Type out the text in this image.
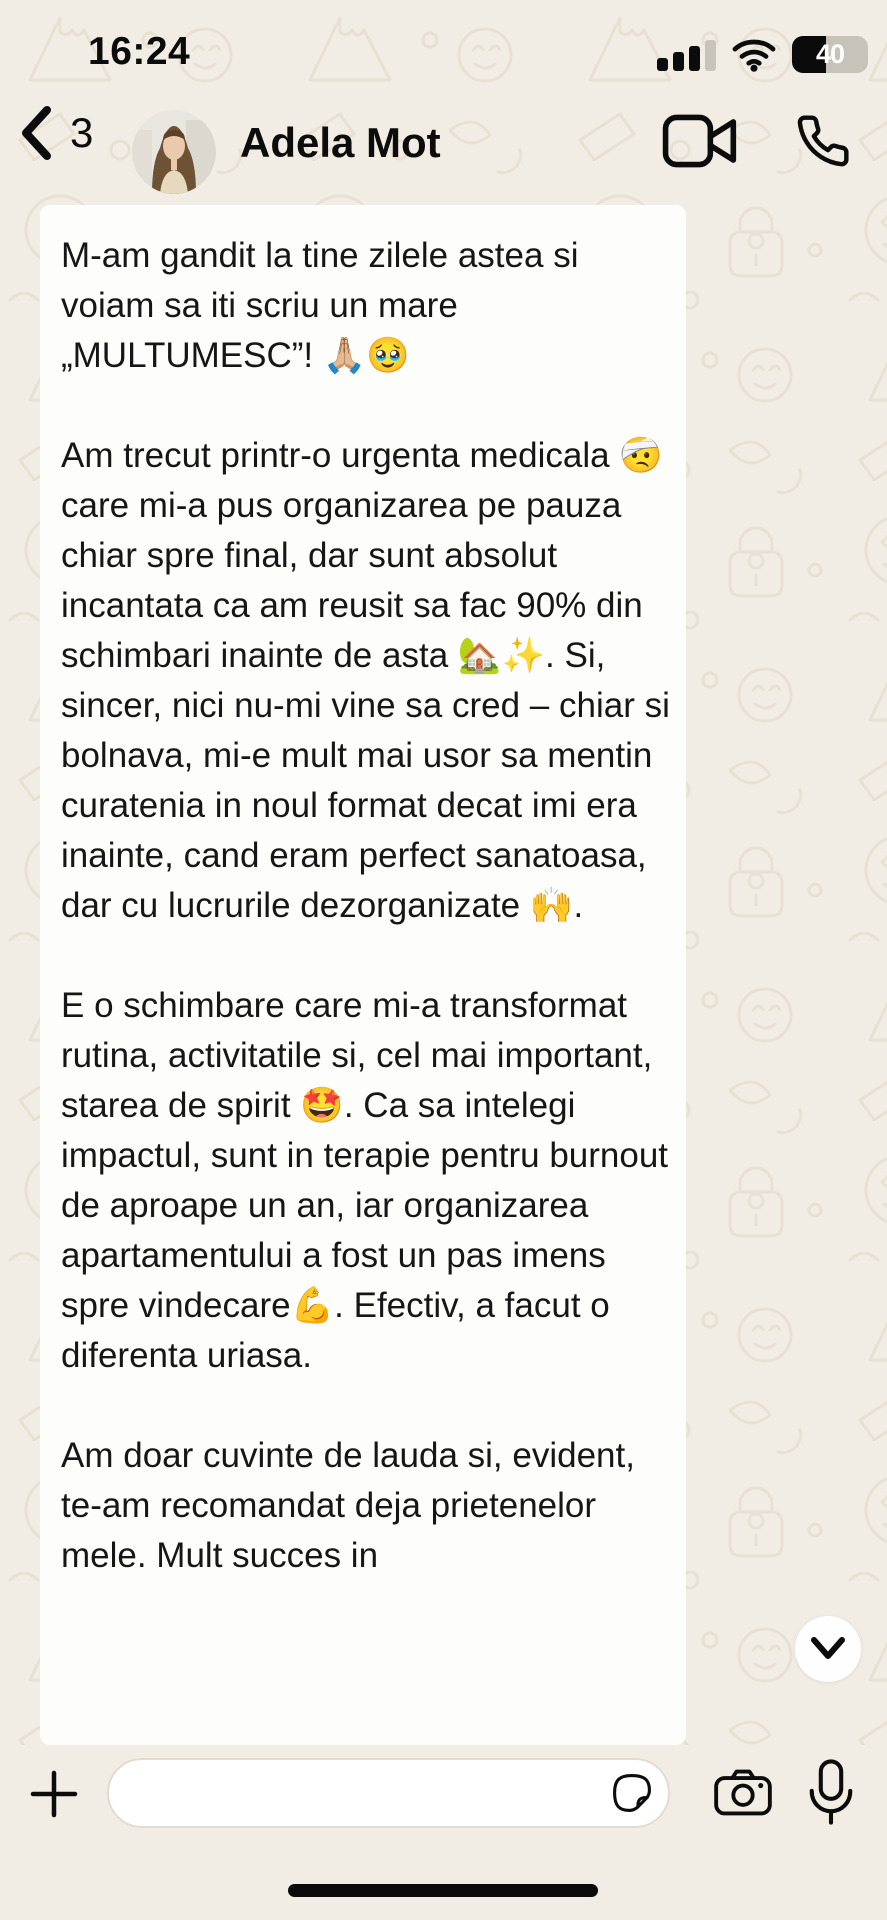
16:24	40
3	Adela Mot

M-am gandit la tine zilele astea si voiam sa iti scriu un mare „MULTUMESC”! 🙏🏼🥹

Am trecut printr-o urgenta medicala 🤕 care mi-a pus organizarea pe pauza chiar spre final, dar sunt absolut incantata ca am reusit sa fac 90% din schimbari inainte de asta 🏡✨. Si, sincer, nici nu-mi vine sa cred – chiar si bolnava, mi-e mult mai usor sa mentin curatenia in noul format decat imi era inainte, cand eram perfect sanatoasa, dar cu lucrurile dezorganizate 🙌.

E o schimbare care mi-a transformat rutina, activitatile si, cel mai important, starea de spirit 🤩. Ca sa intelegi impactul, sunt in terapie pentru burnout de aproape un an, iar organizarea apartamentului a fost un pas imens spre vindecare💪. Efectiv, a facut o diferenta uriasa.

Am doar cuvinte de lauda si, evident, te-am recomandat deja prietenelor mele. Mult succes in
